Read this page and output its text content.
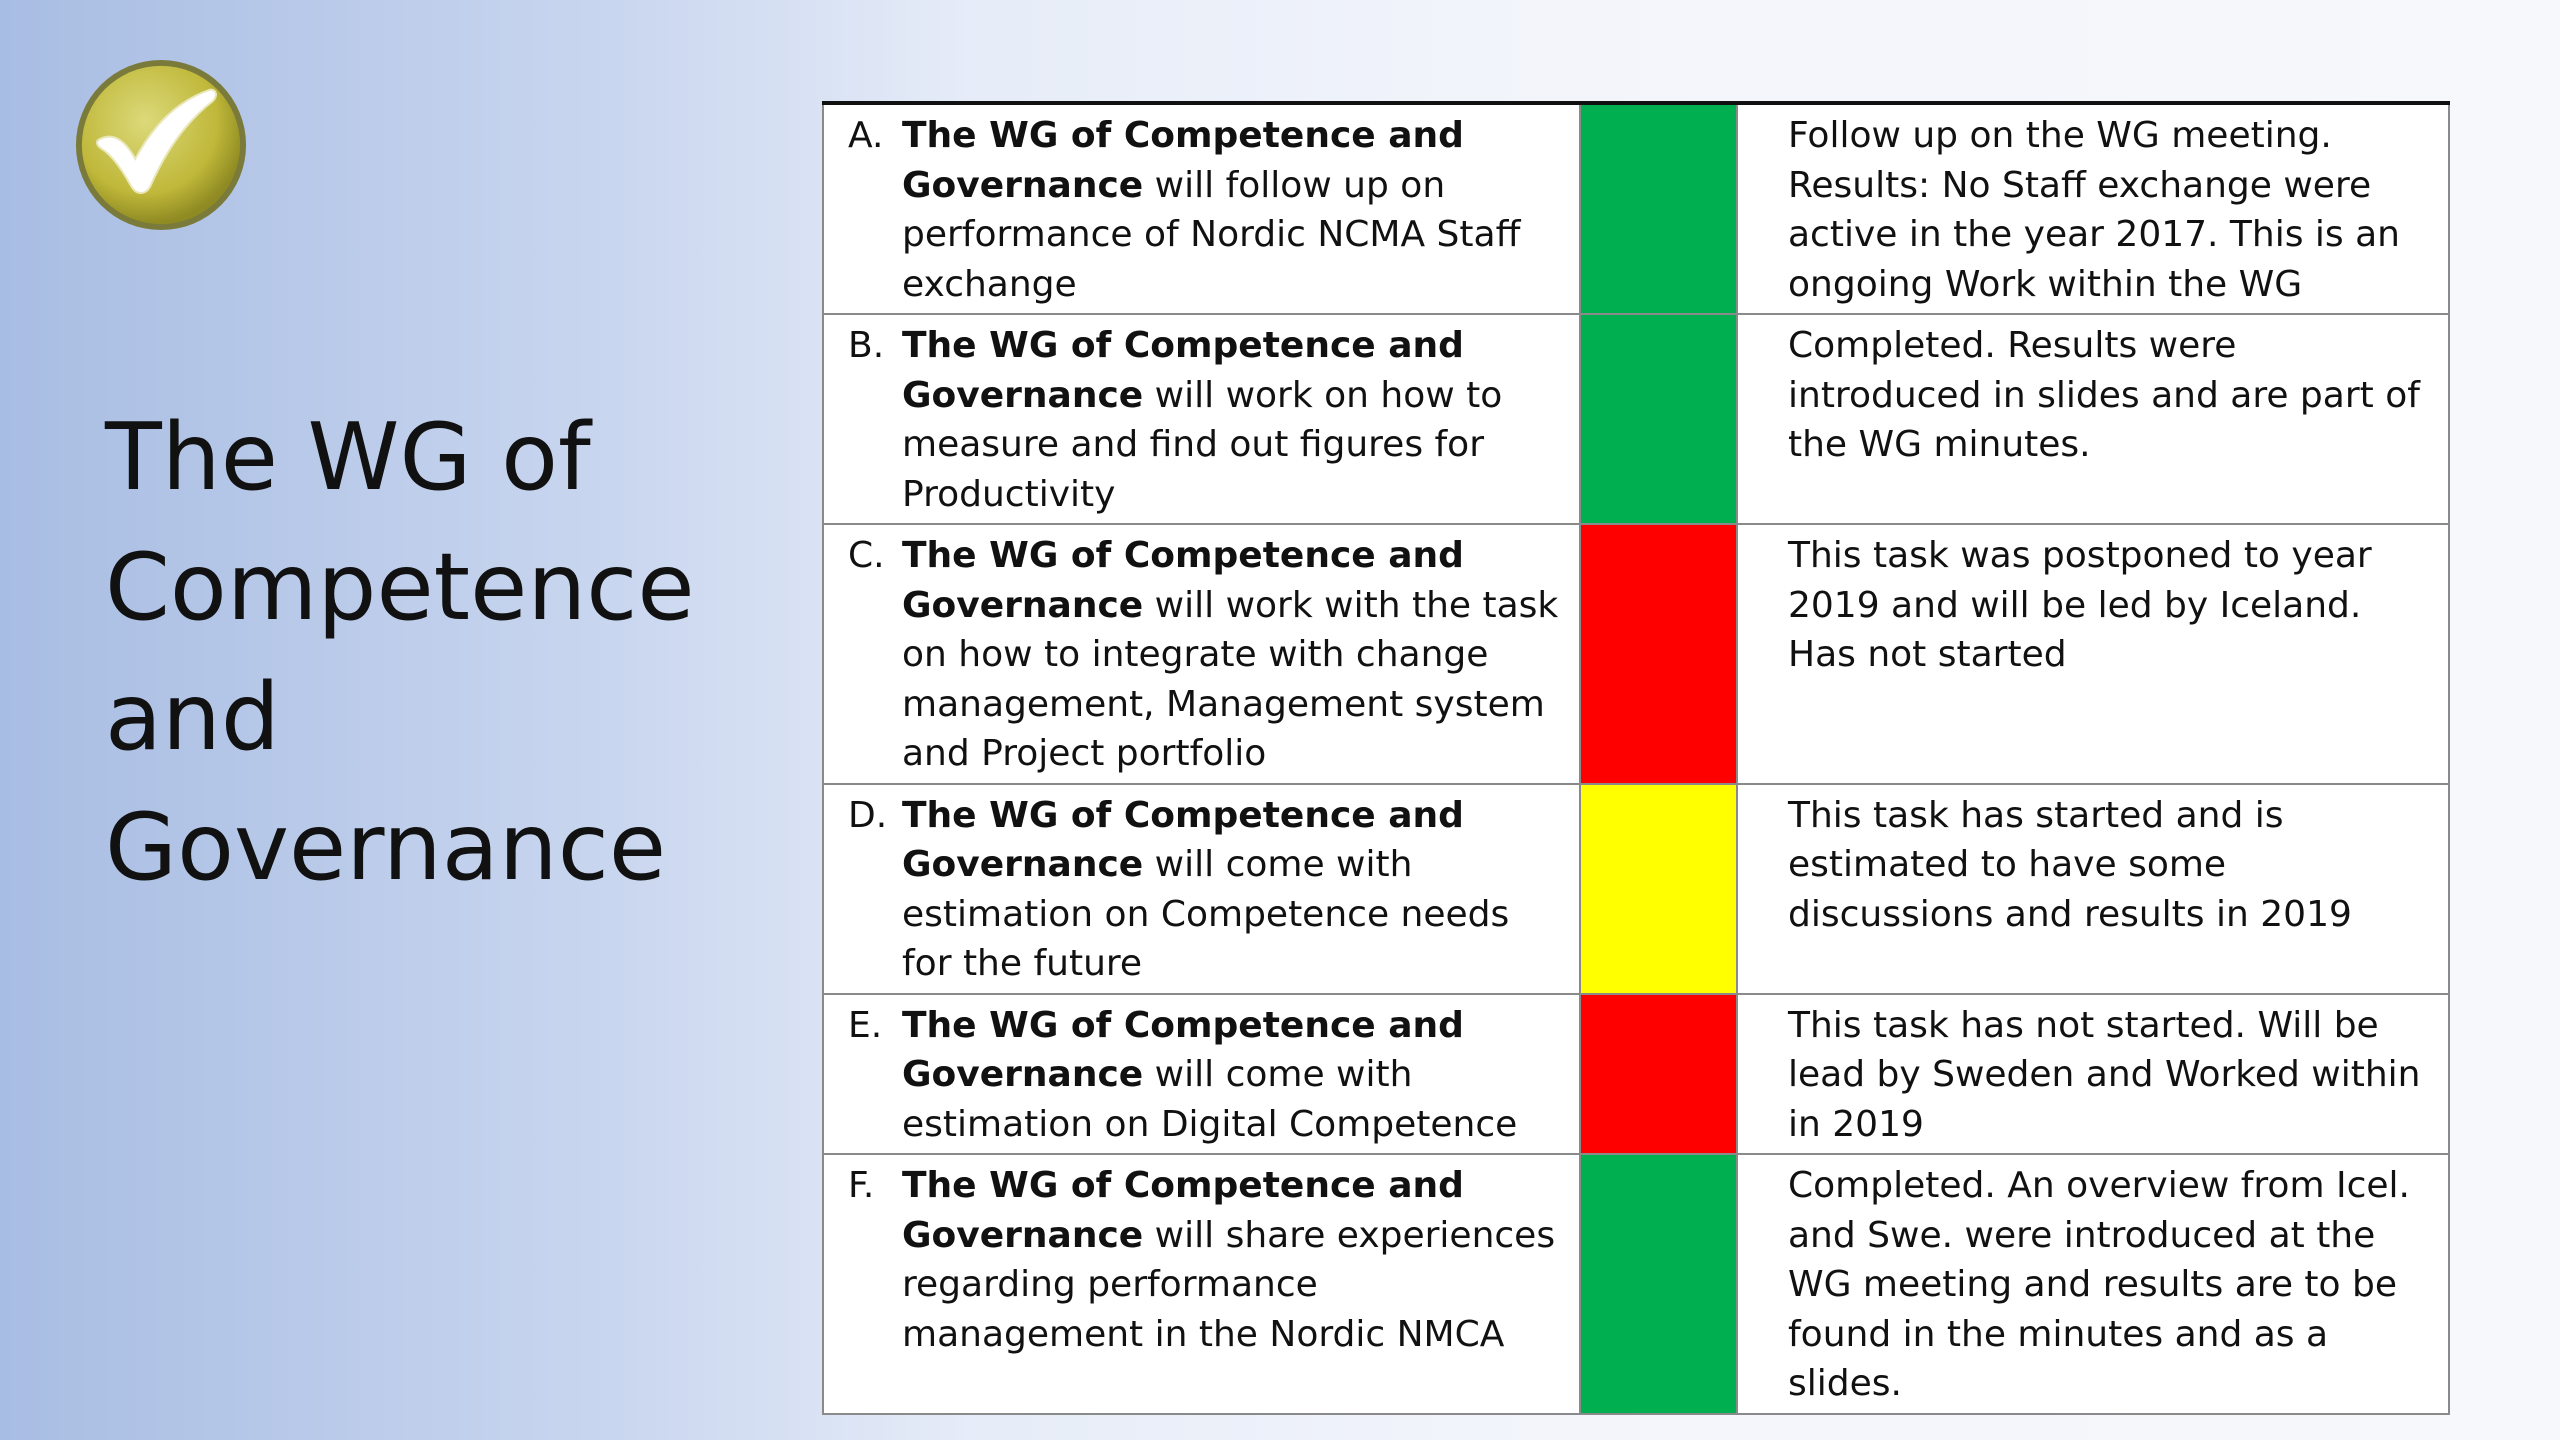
The WG of Competence and Governance
A. The WG of Competence and Governance will follow up on performance of Nordic NCMA Staff exchange		Follow up on the WG meeting. Results: No Staff exchange were active in the year 2017. This is an ongoing Work within the WG

B. The WG of Competence and Governance will work on how to measure and find out figures for Productivity		Completed. Results were introduced in slides and are part of the WG minutes.

C. The WG of Competence and Governance will work with the task on how to integrate with change management, Management system and Project portfolio		This task was postponed to year 2019 and will be led by Iceland. Has not started

D. The WG of Competence and Governance will come with estimation on Competence needs for the future		This task has started and is estimated to have some discussions and results in 2019

E. The WG of Competence and Governance will come with estimation on Digital Competence		This task has not started. Will be lead by Sweden and Worked within in 2019

F. The WG of Competence and Governance will share experiences regarding performance management in the Nordic NMCA		Completed. An overview from Icel. and Swe. were introduced at the WG meeting and results are to be found in the minutes and as a slides.
